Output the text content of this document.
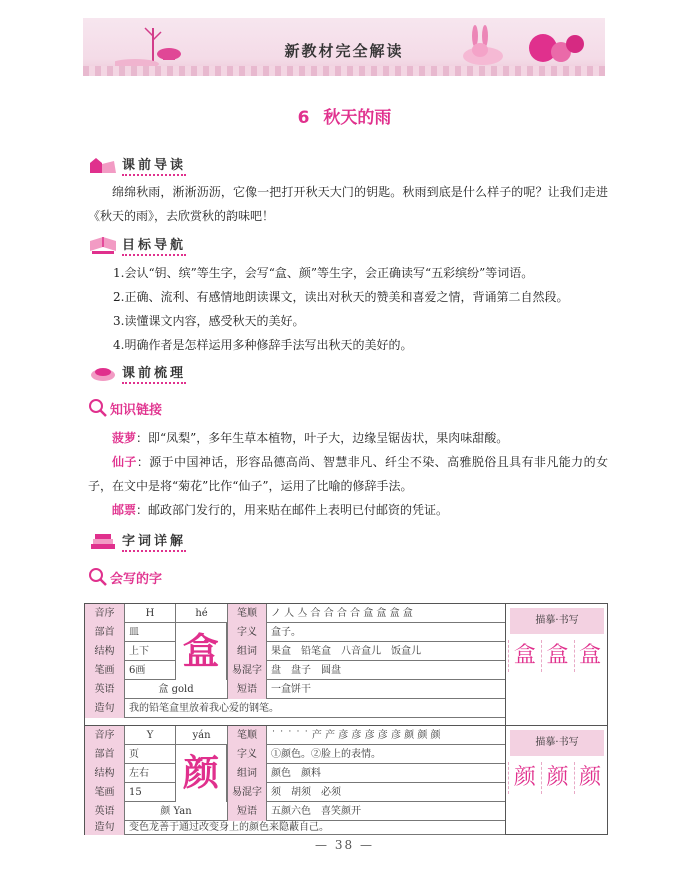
新教材完全解读
6 秋天的雨
课前导读

绵绵秋雨，淅淅沥沥，它像一把打开秋天大门的钥匙。秋雨到底是什么样子的呢？让我们走进《秋天的雨》，去欣赏秋的韵味吧！

目标导航
1.会认“钥、缤”等生字，会写“盒、颜”等生字，会正确读写“五彩缤纷”等词语。
2.正确、流利、有感情地朗读课文，读出对秋天的赞美和喜爱之情，背诵第二自然段。
3.读懂课文内容，感受秋天的美好。
4.明确作者是怎样运用多种修辞手法写出秋天的美好的。
课前梳理
知识链接

菠萝：即“凤梨”，多年生草本植物，叶子大，边缘呈锯齿状，果肉味甜酸。

仙子：源于中国神话，形容品德高尚、智慧非凡、纤尘不染、高雅脱俗且具有非凡能力的女子，在文中是将“菊花”比作“仙子”，运用了比喻的修辞手法。

邮票：邮政部门发行的，用来贴在邮件上表明已付邮资的凭证。

字词详解
会写的字
音序	H	hé	笔顺	ノ 人 亼 合 合 合 合 盒 盒 盒 盒
部首	皿	字义	盒子。
结构	上下	组词	果盒　铅笔盒　八音盒儿　饭盒儿
笔画	6画	易混字 盘　盘子　圆盘
英语	盒 gold	短语	一盒饼干
造句	我的铅笔盒里放着我心爱的钢笔。
盒
描摹·书写
盒 盒 盒
音序	Y	yán	笔顺	˙ ˙ ˙ ˙ ˙ 产 产 彦 彦 彦 彦 彦 颜 颜 颜
部首	页	字义	①颜色。②脸上的表情。
结构	左右	组词	颜色　颜料
笔画	15	易混字 须　胡须　必须
英语	颜 Yan	短语	五颜六色　喜笑颜开
造句	变色龙善于通过改变身上的颜色来隐蔽自己。
颜
描摹·书写
颜 颜 颜
— 38 —
